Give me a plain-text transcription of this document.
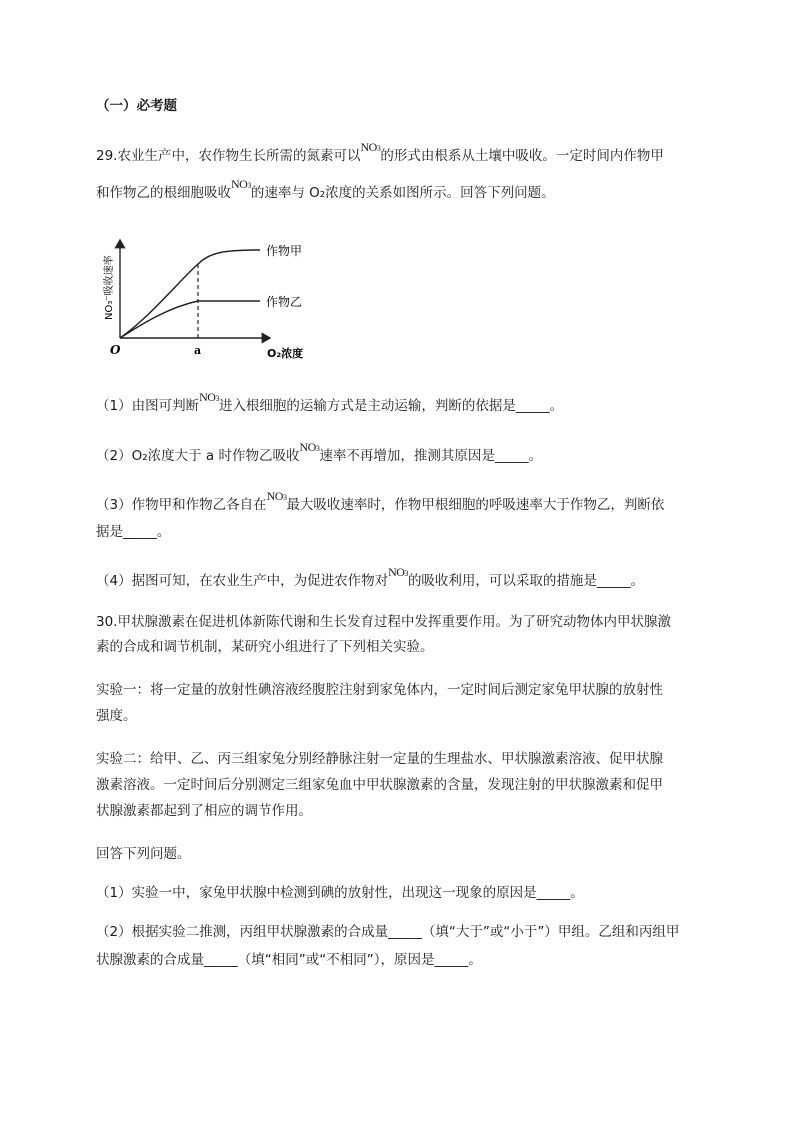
（一）必考题
29.农业生产中，农作物生长所需的氮素可以NO3的形式由根系从土壤中吸收。一定时间内作物甲
和作物乙的根细胞吸收NO3的速率与 O₂浓度的关系如图所示。回答下列问题。
作物甲
作物乙
O	a	O₂浓度
NO₃⁻吸收速率
（1）由图可判断NO3进入根细胞的运输方式是主动运输，判断的依据是_____。
（2）O₂浓度大于 a 时作物乙吸收NO3速率不再增加，推测其原因是_____。
（3）作物甲和作物乙各自在NO3最大吸收速率时，作物甲根细胞的呼吸速率大于作物乙，判断依
据是_____。
（4）据图可知，在农业生产中，为促进农作物对NO3的吸收利用，可以采取的措施是_____。
30.甲状腺激素在促进机体新陈代谢和生长发育过程中发挥重要作用。为了研究动物体内甲状腺激
素的合成和调节机制，某研究小组进行了下列相关实验。
实验一：将一定量的放射性碘溶液经腹腔注射到家兔体内，一定时间后测定家兔甲状腺的放射性
强度。
实验二：给甲、乙、丙三组家兔分别经静脉注射一定量的生理盐水、甲状腺激素溶液、促甲状腺
激素溶液。一定时间后分别测定三组家兔血中甲状腺激素的含量，发现注射的甲状腺激素和促甲
状腺激素都起到了相应的调节作用。
回答下列问题。
（1）实验一中，家兔甲状腺中检测到碘的放射性，出现这一现象的原因是_____。
（2）根据实验二推测，丙组甲状腺激素的合成量_____（填“大于”或“小于”）甲组。乙组和丙组甲
状腺激素的合成量_____（填“相同”或“不相同”），原因是_____。
